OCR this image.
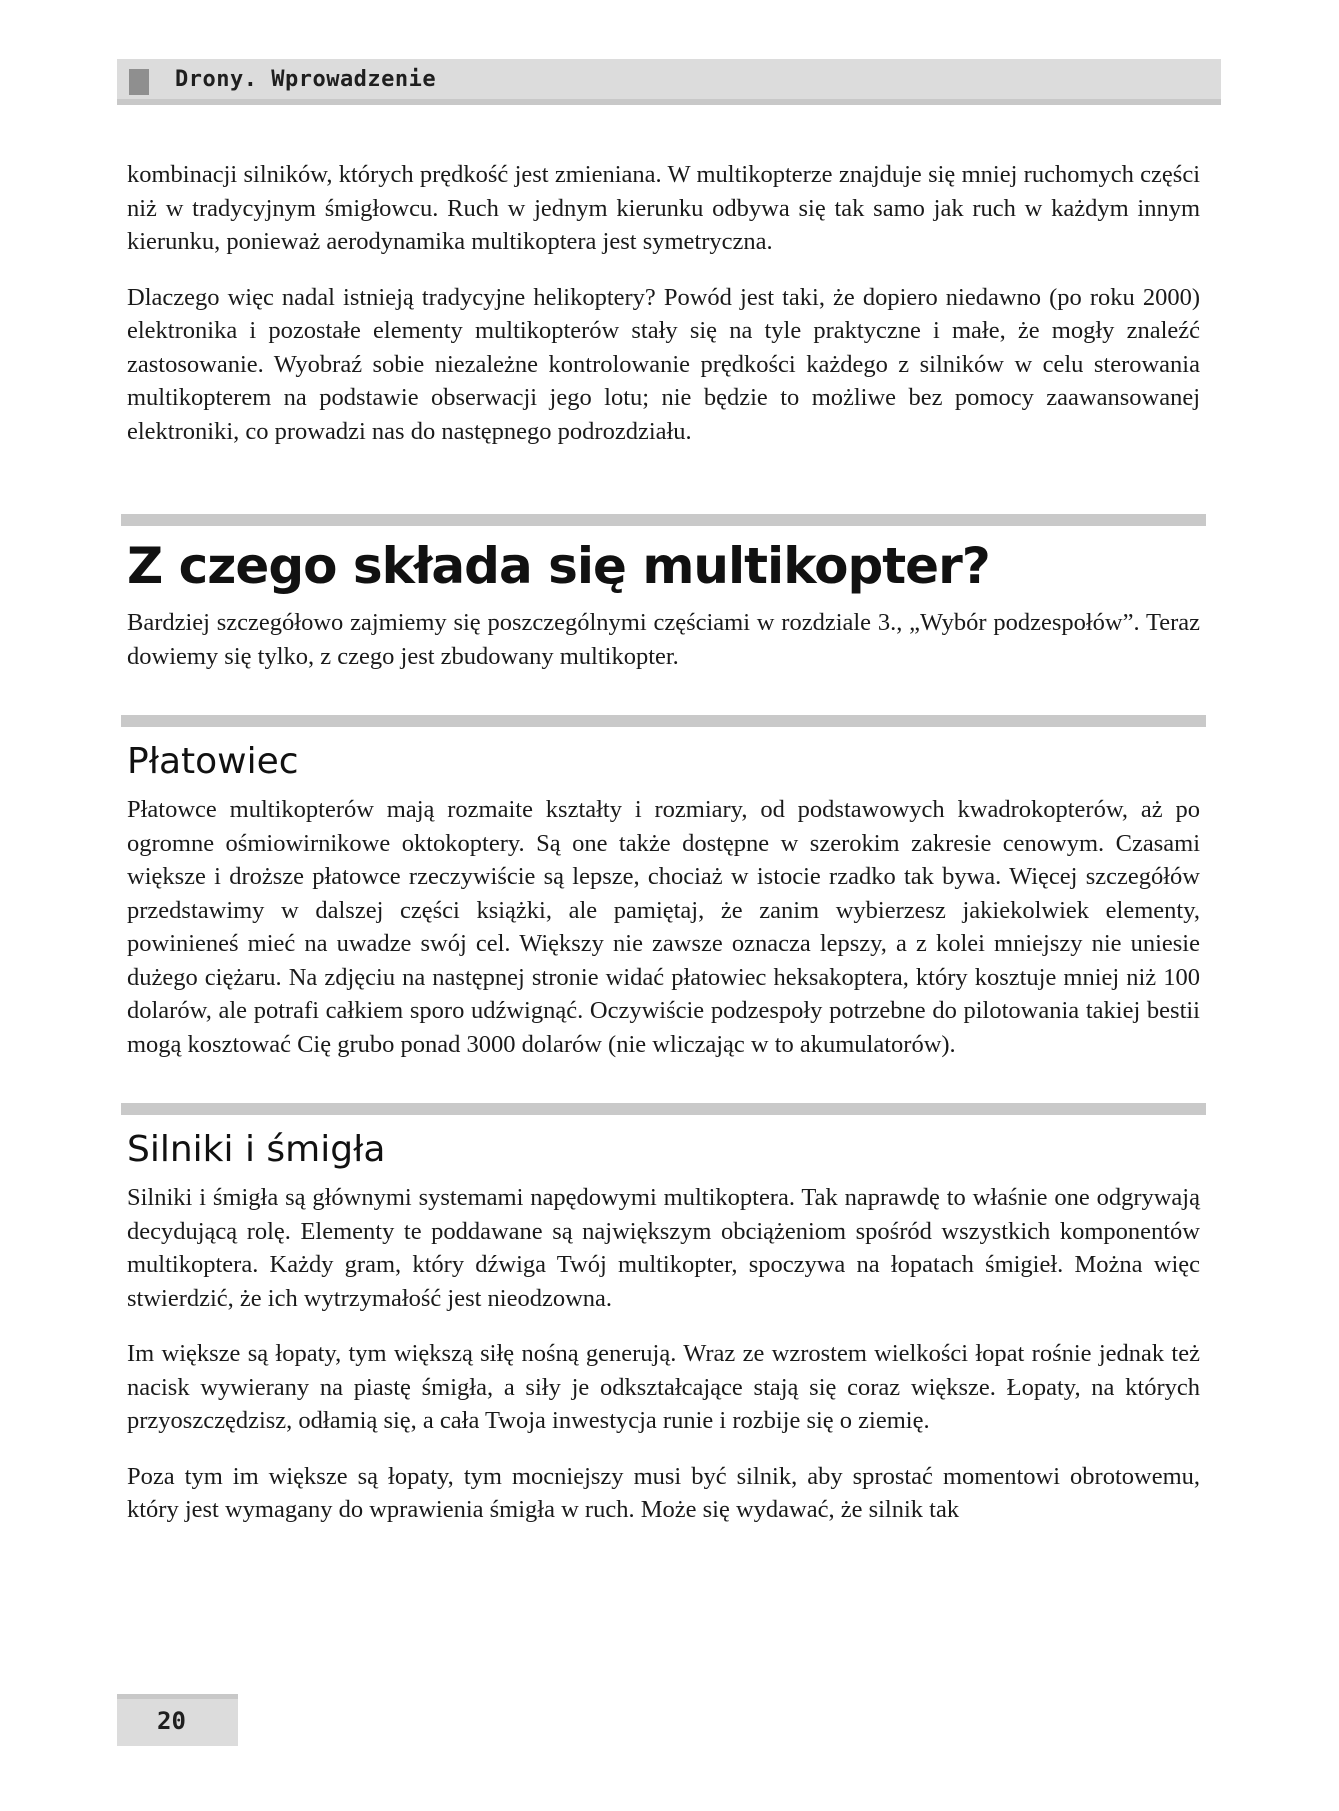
Drony. Wprowadzenie

kombinacji silników, których prędkość jest zmieniana. W multikopterze znajduje się mniej ruchomych części niż w tradycyjnym śmigłowcu. Ruch w jednym kierunku odbywa się tak samo jak ruch w każdym innym kierunku, ponieważ aerodynamika multikoptera jest symetryczna.

Dlaczego więc nadal istnieją tradycyjne helikoptery? Powód jest taki, że dopiero niedawno (po roku 2000) elektronika i pozostałe elementy multikopterów stały się na tyle praktyczne i małe, że mogły znaleźć zastosowanie. Wyobraź sobie niezależne kontrolowanie prędkości każdego z silników w celu sterowania multikopterem na podstawie obserwacji jego lotu; nie będzie to możliwe bez pomocy zaawansowanej elektroniki, co prowadzi nas do następnego podrozdziału.

Z czego składa się multikopter?

Bardziej szczegółowo zajmiemy się poszczególnymi częściami w rozdziale 3., „Wybór podzespołów”. Teraz dowiemy się tylko, z czego jest zbudowany multikopter.

Płatowiec

Płatowce multikopterów mają rozmaite kształty i rozmiary, od podstawowych kwadrokopterów, aż po ogromne ośmiowirnikowe oktokoptery. Są one także dostępne w szerokim zakresie cenowym. Czasami większe i droższe płatowce rzeczywiście są lepsze, chociaż w istocie rzadko tak bywa. Więcej szczegółów przedstawimy w dalszej części książki, ale pamiętaj, że zanim wybierzesz jakiekolwiek elementy, powinieneś mieć na uwadze swój cel. Większy nie zawsze oznacza lepszy, a z kolei mniejszy nie uniesie dużego ciężaru. Na zdjęciu na następnej stronie widać płatowiec heksakoptera, który kosztuje mniej niż 100 dolarów, ale potrafi całkiem sporo udźwignąć. Oczywiście podzespoły potrzebne do pilotowania takiej bestii mogą kosztować Cię grubo ponad 3000 dolarów (nie wliczając w to akumulatorów).

Silniki i śmigła

Silniki i śmigła są głównymi systemami napędowymi multikoptera. Tak naprawdę to właśnie one odgrywają decydującą rolę. Elementy te poddawane są największym obciążeniom spośród wszystkich komponentów multikoptera. Każdy gram, który dźwiga Twój multikopter, spoczywa na łopatach śmigieł. Można więc stwierdzić, że ich wytrzymałość jest nieodzowna.

Im większe są łopaty, tym większą siłę nośną generują. Wraz ze wzrostem wielkości łopat rośnie jednak też nacisk wywierany na piastę śmigła, a siły je odkształcające stają się coraz większe. Łopaty, na których przyoszczędzisz, odłamią się, a cała Twoja inwestycja runie i rozbije się o ziemię.

Poza tym im większe są łopaty, tym mocniejszy musi być silnik, aby sprostać momentowi obrotowemu, który jest wymagany do wprawienia śmigła w ruch. Może się wydawać, że silnik tak

20
